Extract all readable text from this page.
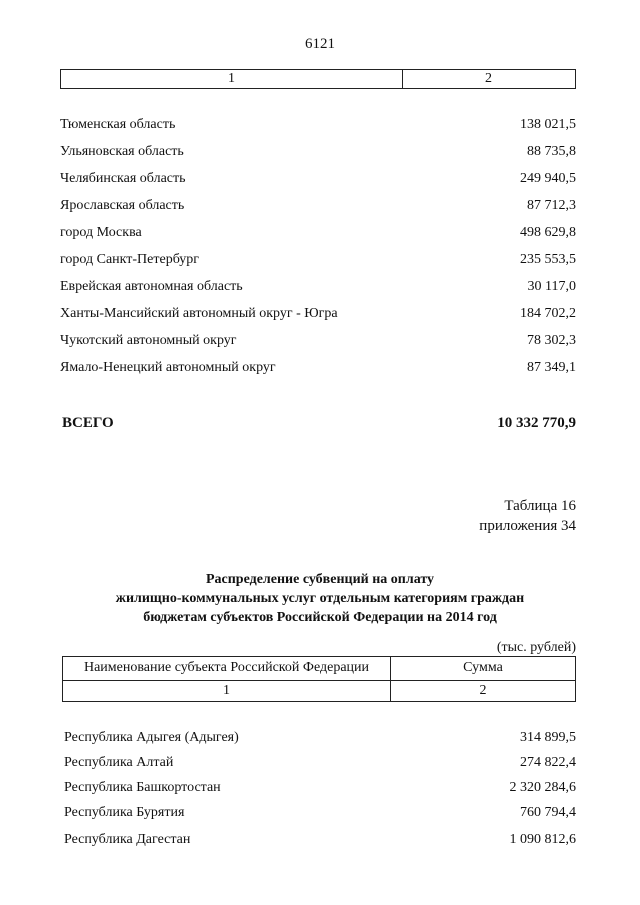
6121
1	2
Тюменская область	138 021,5
Ульяновская область	88 735,8
Челябинская область	249 940,5
Ярославская область	87 712,3
город Москва	498 629,8
город Санкт-Петербург	235 553,5
Еврейская автономная область	30 117,0
Ханты-Мансийский автономный округ - Югра	184 702,2
Чукотский автономный округ	78 302,3
Ямало-Ненецкий автономный округ	87 349,1
ВСЕГО	10 332 770,9
Таблица 16
приложения 34
Распределение субвенций на оплату
жилищно-коммунальных услуг отдельным категориям граждан
бюджетам субъектов Российской Федерации на 2014 год
(тыс. рублей)
Наименование субъекта Российской Федерации	Сумма
1	2
Республика Адыгея (Адыгея)	314 899,5
Республика Алтай	274 822,4
Республика Башкортостан	2 320 284,6
Республика Бурятия	760 794,4
Республика Дагестан	1 090 812,6
